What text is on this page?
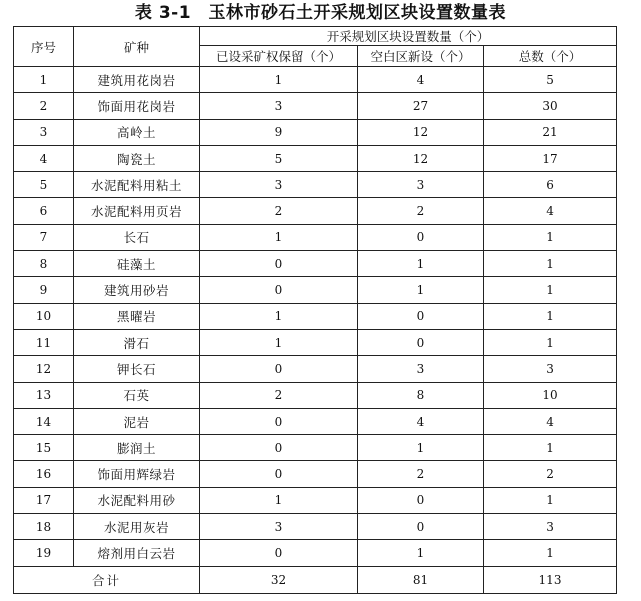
表 3-1　玉林市砂石土开采规划区块设置数量表
序号	矿种	开采规划区块设置数量（个）		
		已设采矿权保留（个）	空白区新设（个）	总数（个）
1	建筑用花岗岩	1	4	5
2	饰面用花岗岩	3	27	30
3	高岭土	9	12	21
4	陶瓷土	5	12	17
5	水泥配料用粘土	3	3	6
6	水泥配料用页岩	2	2	4
7	长石	1	0	1
8	硅藻土	0	1	1
9	建筑用砂岩	0	1	1
10	黑曜岩	1	0	1
11	滑石	1	0	1
12	钾长石	0	3	3
13	石英	2	8	10
14	泥岩	0	4	4
15	膨润土	0	1	1
16	饰面用辉绿岩	0	2	2
17	水泥配料用砂	1	0	1
18	水泥用灰岩	3	0	3
19	熔剂用白云岩	0	1	1
合计		32	81	113
